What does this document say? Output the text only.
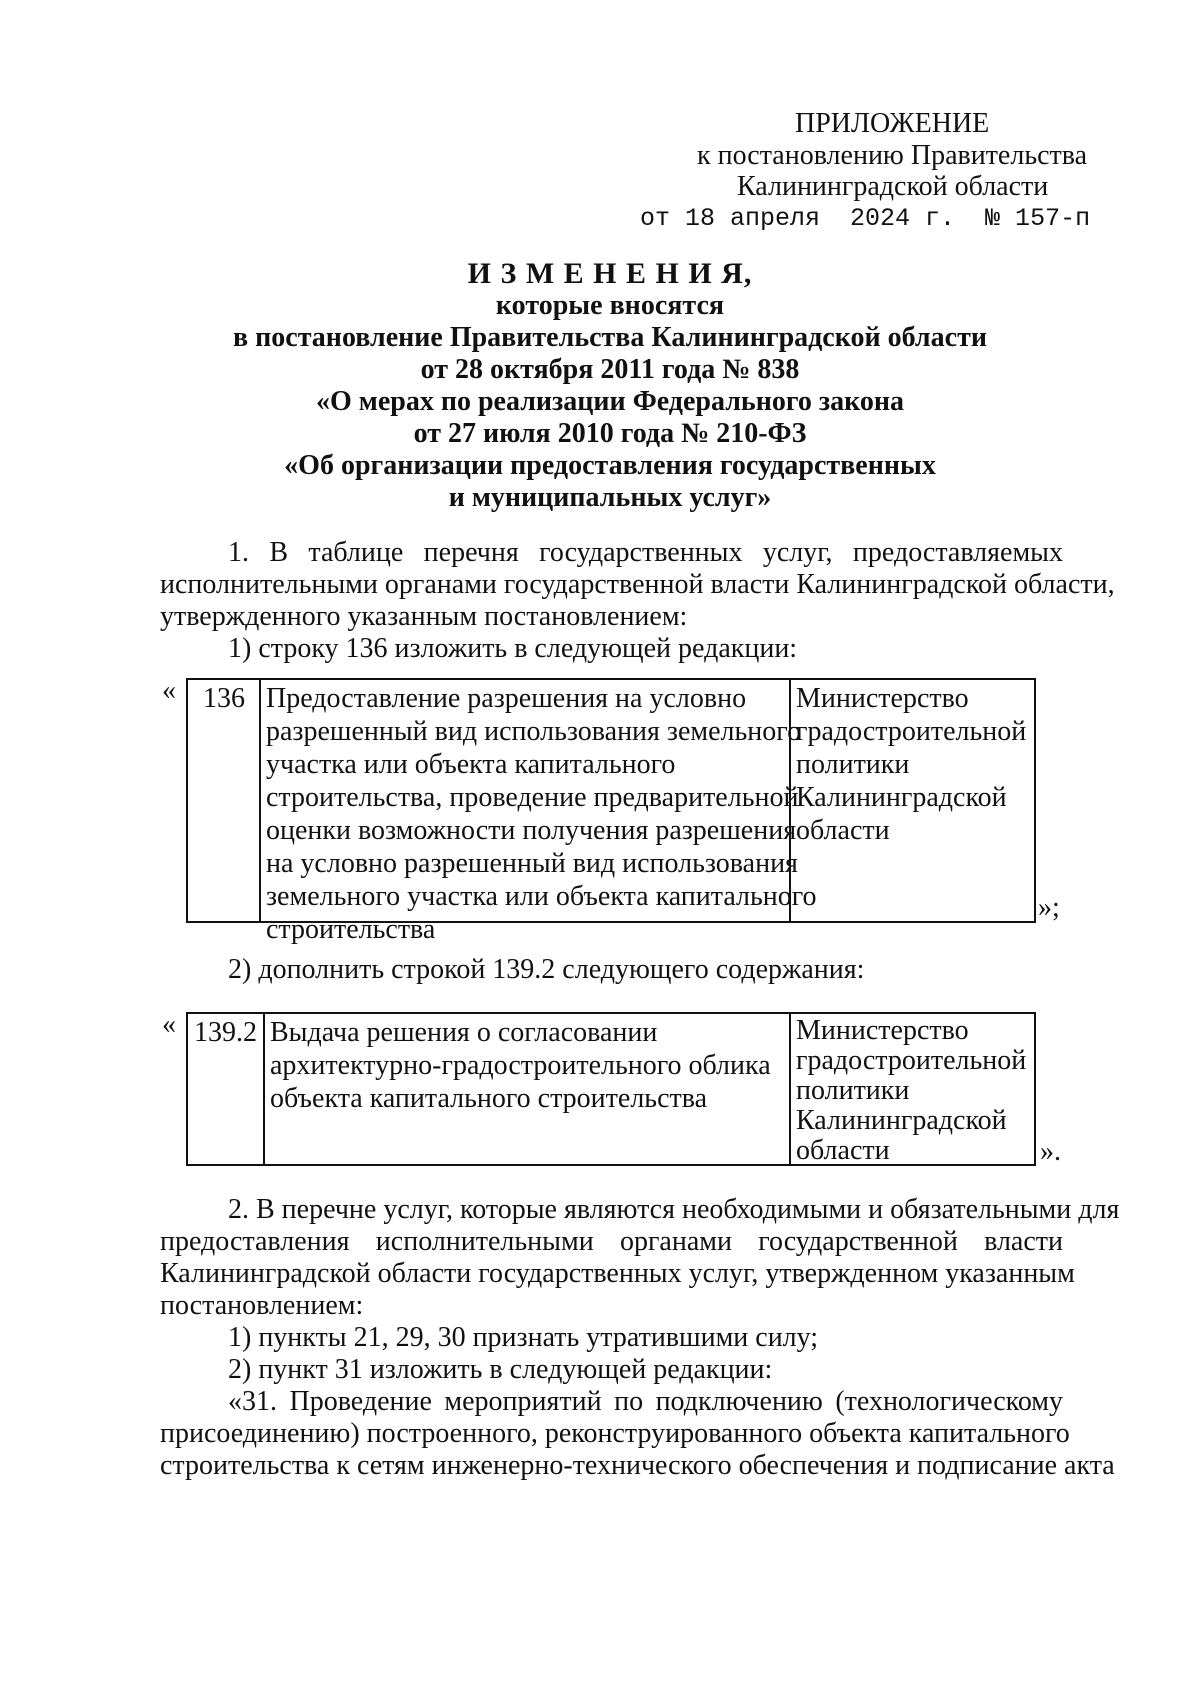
ПРИЛОЖЕНИЕ
к постановлению Правительства
Калининградской области
от 18 апреля  2024 г.  № 157-п
И З М Е Н Е Н И Я,
которые вносятся
в постановление Правительства Калининградской области
от 28 октября 2011 года № 838
«О мерах по реализации Федерального закона
от 27 июля 2010 года № 210-ФЗ
«Об организации предоставления государственных
и муниципальных услуг»
1. В таблице перечня государственных услуг, предоставляемых
исполнительными органами государственной власти Калининградской области,
утвержденного указанным постановлением:
1) строку 136 изложить в следующей редакции:
« 136 Предоставление разрешения на условно
разрешенный вид использования земельного
участка или объекта капитального
строительства, проведение предварительной
оценки возможности получения разрешения
на условно разрешенный вид использования
земельного участка или объекта капитального
строительства
Министерство
градостроительной
политики
Калининградской
области
»;
2) дополнить строкой 139.2 следующего содержания:
« 139.2 Выдача решения о согласовании
архитектурно-градостроительного облика
объекта капитального строительства
Министерство
градостроительной
политики
Калининградской
области	».
2. В перечне услуг, которые являются необходимыми и обязательными для
предоставления исполнительными органами государственной власти
Калининградской области государственных услуг, утвержденном указанным
постановлением:
1) пункты 21, 29, 30 признать утратившими силу;
2) пункт 31 изложить в следующей редакции:
«31. Проведение мероприятий по подключению (технологическому
присоединению) построенного, реконструированного объекта капитального
строительства к сетям инженерно-технического обеспечения и подписание акта
